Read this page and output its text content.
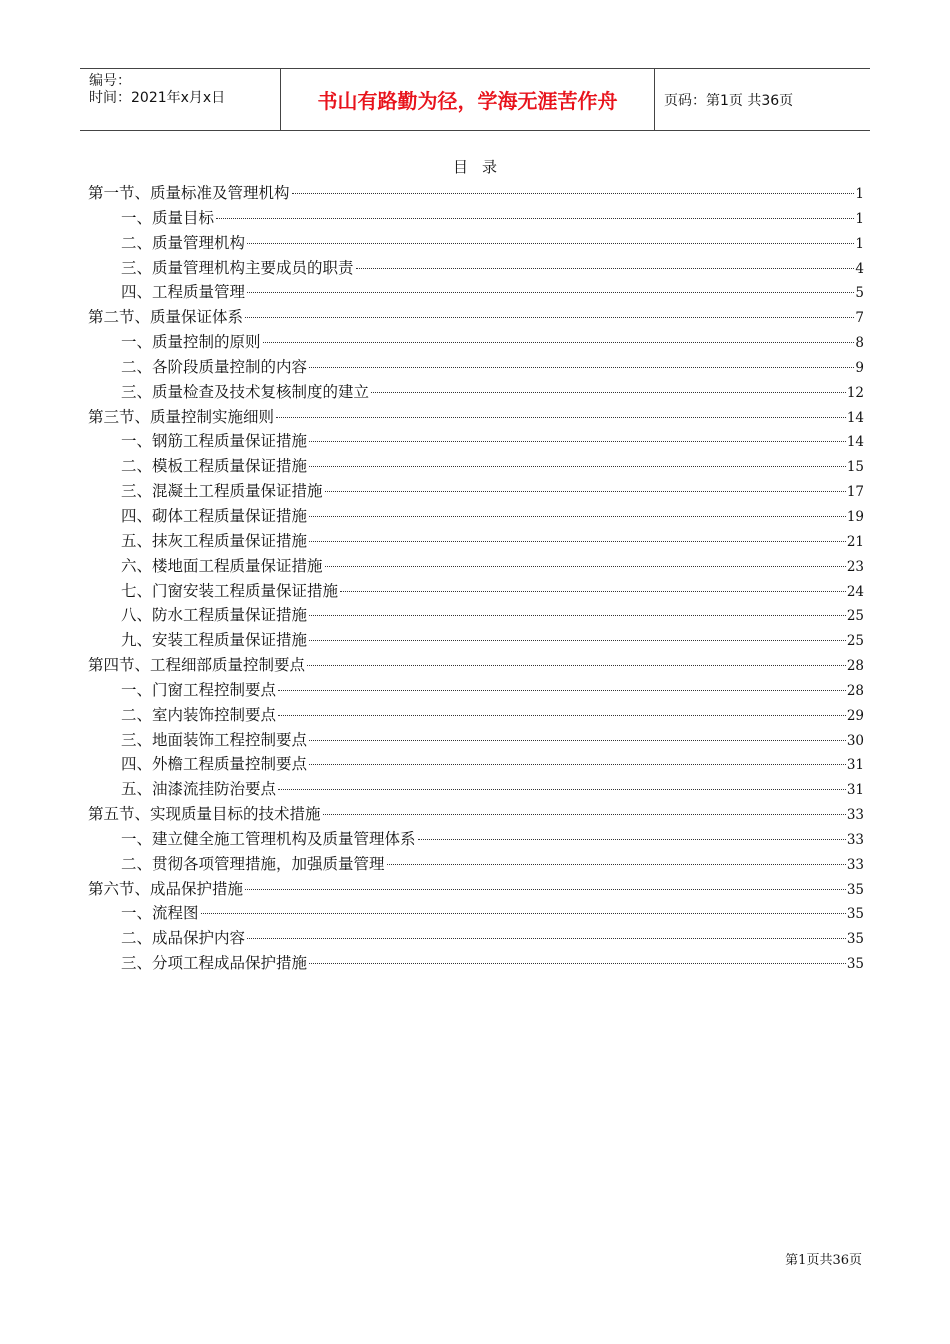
编号：
时间：2021年x月x日	书山有路勤为径，学海无涯苦作舟	页码：第1页 共36页
目录
第一节、质量标准及管理机构	1
一、质量目标	1
二、质量管理机构	1
三、质量管理机构主要成员的职责	4
四、工程质量管理	5
第二节、质量保证体系	7
一、质量控制的原则	8
二、各阶段质量控制的内容	9
三、质量检查及技术复核制度的建立	12
第三节、质量控制实施细则	14
一、钢筋工程质量保证措施	14
二、模板工程质量保证措施	15
三、混凝土工程质量保证措施	17
四、砌体工程质量保证措施	19
五、抹灰工程质量保证措施	21
六、楼地面工程质量保证措施	23
七、门窗安装工程质量保证措施	24
八、防水工程质量保证措施	25
九、安装工程质量保证措施	25
第四节、工程细部质量控制要点	28
一、门窗工程控制要点	28
二、室内装饰控制要点	29
三、地面装饰工程控制要点	30
四、外檐工程质量控制要点	31
五、油漆流挂防治要点	31
第五节、实现质量目标的技术措施	33
一、建立健全施工管理机构及质量管理体系	33
二、贯彻各项管理措施，加强质量管理	33
第六节、成品保护措施	35
一、流程图	35
二、成品保护内容	35
三、分项工程成品保护措施	35
第1页共36页
